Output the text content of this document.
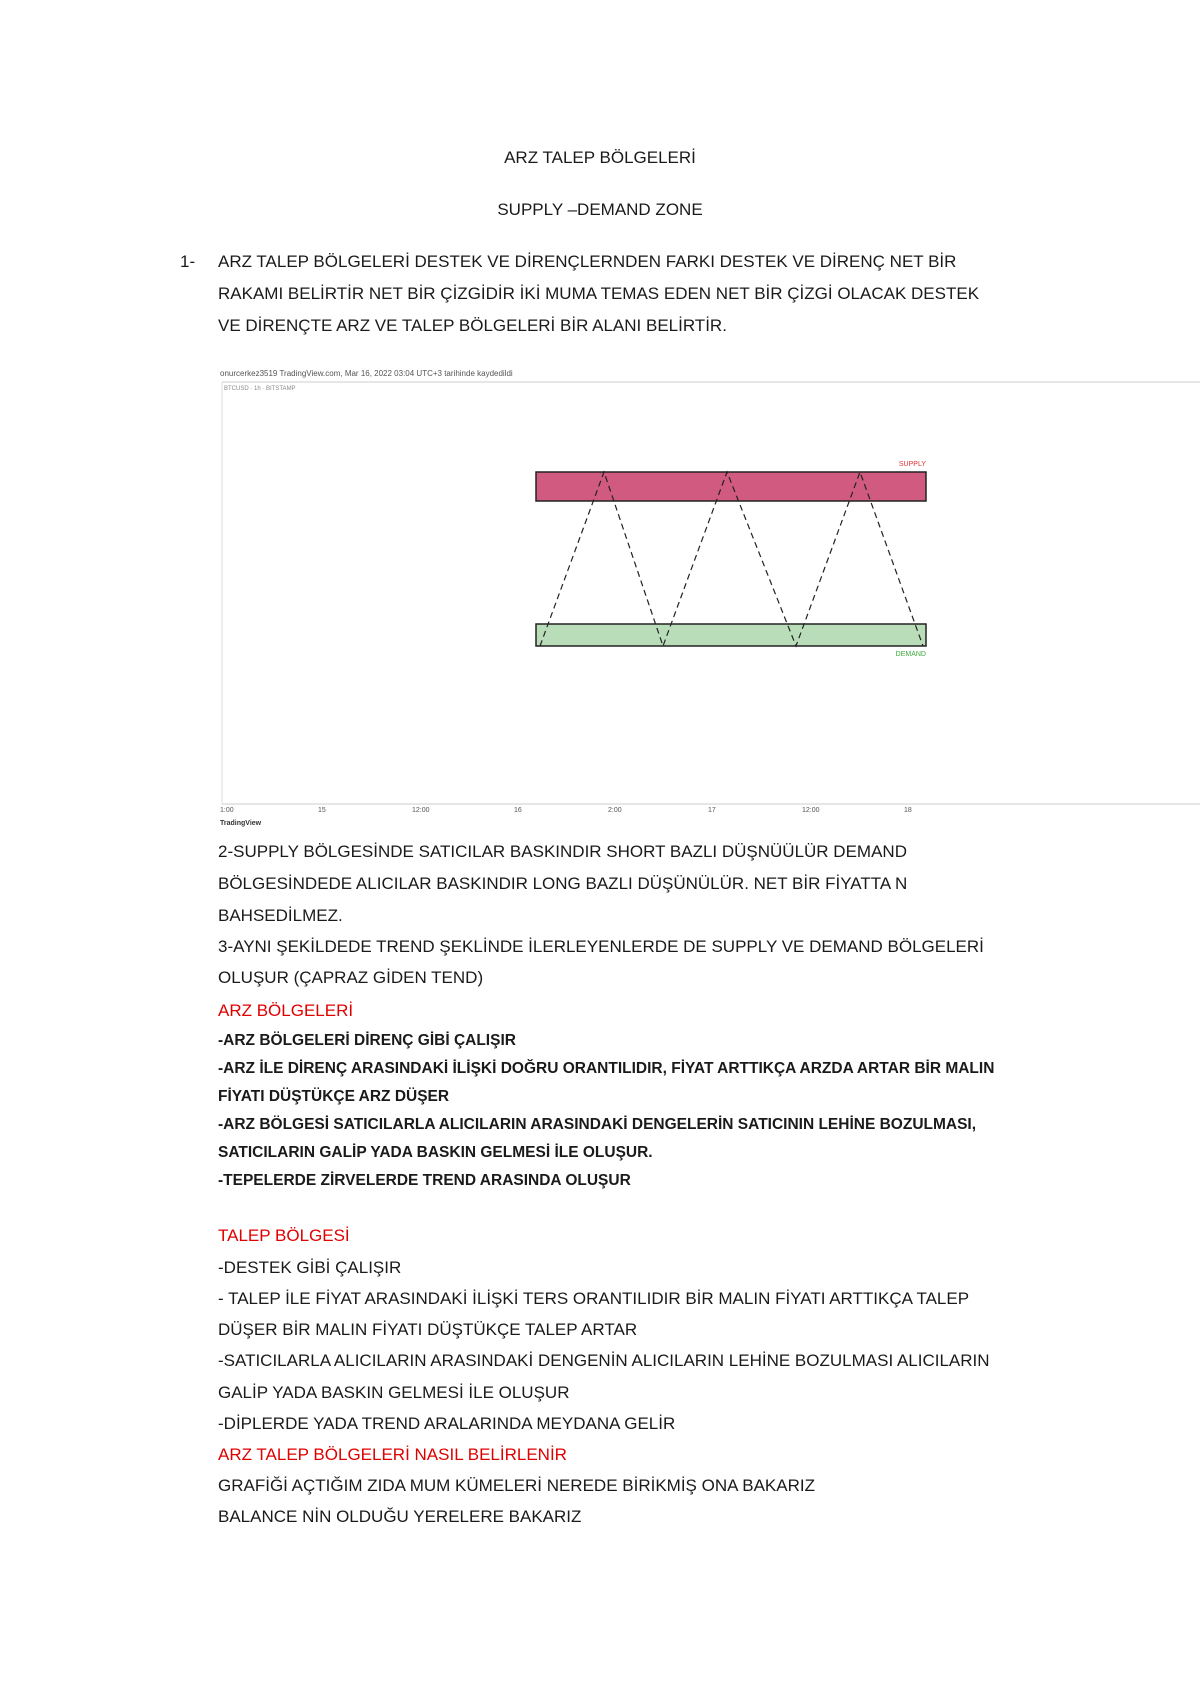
ARZ TALEP BÖLGELERİ
SUPPLY –DEMAND ZONE
1- ARZ TALEP BÖLGELERİ DESTEK VE DİRENÇLERNDEN FARKI DESTEK VE DİRENÇ NET BİR
RAKAMI BELİRTİR NET BİR ÇİZGİDİR İKİ MUMA TEMAS EDEN NET BİR ÇİZGİ OLACAK DESTEK
VE DİRENÇTE ARZ VE TALEP BÖLGELERİ BİR ALANI BELİRTİR.
onurcerkez3519 TradingView.com, Mar 16, 2022 03:04 UTC+3 tarihinde kaydedildi
BTCUSD · 1h · BITSTAMP
SUPPLY
DEMAND
1:00	15	12:00	16	2:00	17	12:00	18
TradingView
2-SUPPLY BÖLGESİNDE SATICILAR BASKINDIR SHORT BAZLI DÜŞNÜÜLÜR DEMAND
BÖLGESİNDEDE ALICILAR BASKINDIR LONG BAZLI DÜŞÜNÜLÜR. NET BİR FİYATTA N
BAHSEDİLMEZ.
3-AYNI ŞEKİLDEDE TREND ŞEKLİNDE İLERLEYENLERDE DE SUPPLY VE DEMAND BÖLGELERİ
OLUŞUR (ÇAPRAZ GİDEN TEND)
ARZ BÖLGELERİ
-ARZ BÖLGELERİ DİRENÇ GİBİ ÇALIŞIR
-ARZ İLE DİRENÇ ARASINDAKİ İLİŞKİ DOĞRU ORANTILIDIR, FİYAT ARTTIKÇA ARZDA ARTAR BİR MALIN
FİYATI DÜŞTÜKÇE ARZ DÜŞER
-ARZ BÖLGESİ SATICILARLA ALICILARIN ARASINDAKİ DENGELERİN SATICININ LEHİNE BOZULMASI,
SATICILARIN GALİP YADA BASKIN GELMESİ İLE OLUŞUR.
-TEPELERDE ZİRVELERDE TREND ARASINDA OLUŞUR
TALEP BÖLGESİ
-DESTEK GİBİ ÇALIŞIR
- TALEP İLE FİYAT ARASINDAKİ İLİŞKİ TERS ORANTILIDIR BİR MALIN FİYATI ARTTIKÇA TALEP
DÜŞER BİR MALIN FİYATI DÜŞTÜKÇE TALEP ARTAR
-SATICILARLA ALICILARIN ARASINDAKİ DENGENİN ALICILARIN LEHİNE BOZULMASI ALICILARIN
GALİP YADA BASKIN GELMESİ İLE OLUŞUR
-DİPLERDE YADA TREND ARALARINDA MEYDANA GELİR
ARZ TALEP BÖLGELERİ NASIL BELİRLENİR
GRAFİĞİ AÇTIĞIM ZIDA MUM KÜMELERİ NEREDE BİRİKMİŞ ONA BAKARIZ
BALANCE NİN OLDUĞU YERELERE BAKARIZ
